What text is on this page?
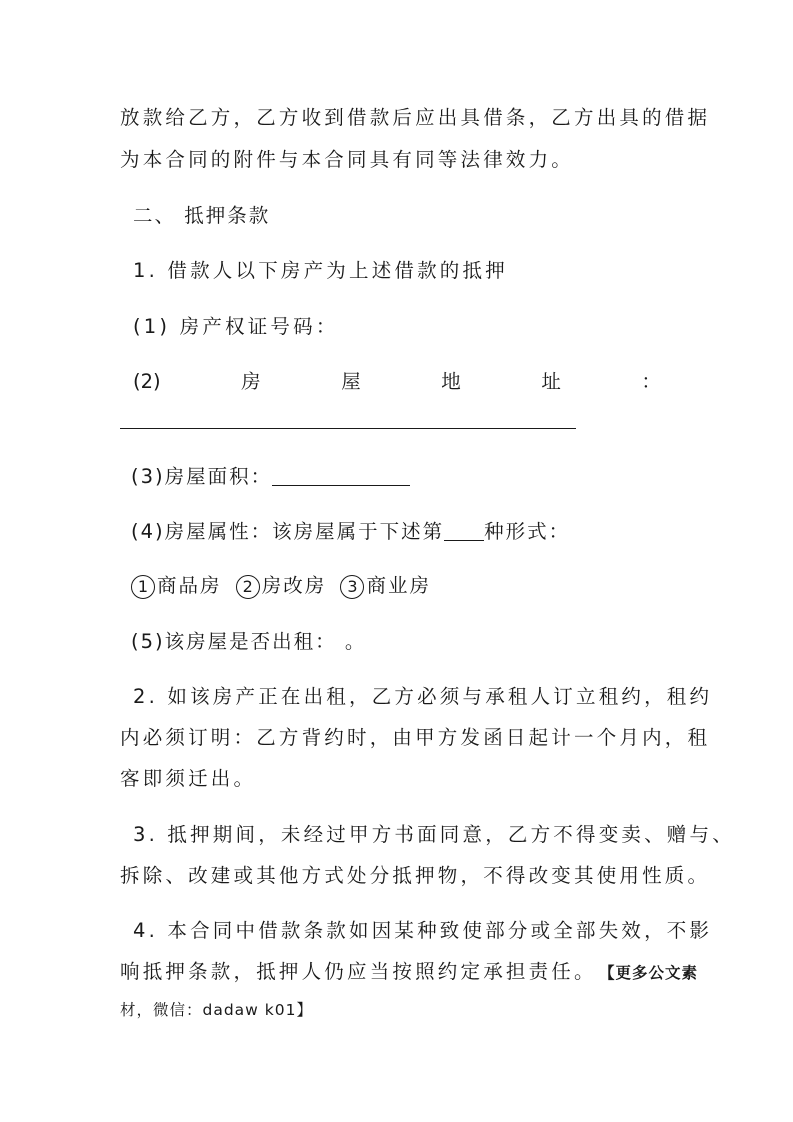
放款给乙方，乙方收到借款后应出具借条，乙方出具的借据
为本合同的附件与本合同具有同等法律效力。
二、 抵押条款
1. 借款人以下房产为上述借款的抵押
(1) 房产权证号码：
(2)	房	屋	地	址	：
(3)房屋面积：
(4)房屋属性：该房屋属于下述第 种形式：
1 商品房 2 房改房 3 商业房
(5)该房屋是否出租： 。
2. 如该房产正在出租，乙方必须与承租人订立租约，租约
内必须订明：乙方背约时，由甲方发函日起计一个月内，租
客即须迁出。
3. 抵押期间，未经过甲方书面同意，乙方不得变卖、赠与、
拆除、改建或其他方式处分抵押物，不得改变其使用性质。
4. 本合同中借款条款如因某种致使部分或全部失效，不影
响抵押条款，抵押人仍应当按照约定承担责任。 【更多公文素
材，微信：dadaw k01】
